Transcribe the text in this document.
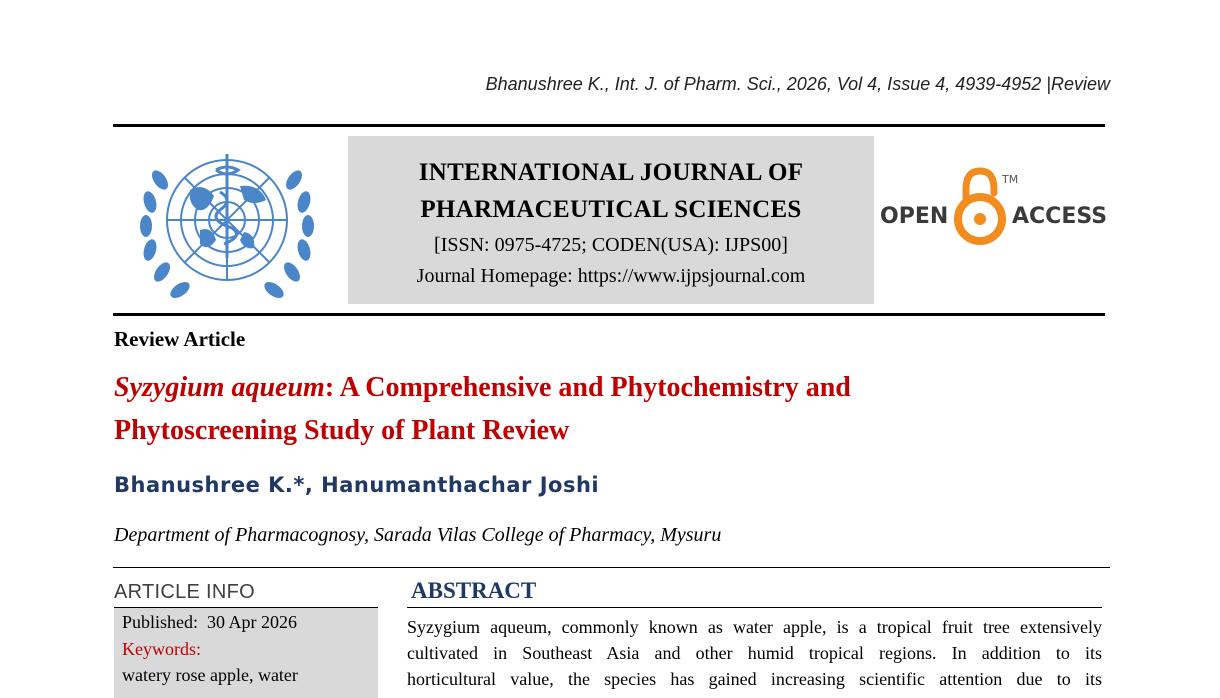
Bhanushree K., Int. J. of Pharm. Sci., 2026, Vol 4, Issue 4, 4939-4952 |Review
INTERNATIONAL JOURNAL OF
PHARMACEUTICAL SCIENCES
[ISSN: 0975-4725; CODEN(USA): IJPS00]
Journal Homepage: https://www.ijpsjournal.com
OPEN
TM
ACCESS
Review Article
Syzygium aqueum: A Comprehensive and Phytochemistry and
Phytoscreening Study of Plant Review
Bhanushree K.*, Hanumanthachar Joshi
Department of Pharmacognosy, Sarada Vilas College of Pharmacy, Mysuru
ARTICLE INFO
Published: 30 Apr 2026
Keywords:
watery rose apple, water
ABSTRACT
Syzygium aqueum, commonly known as water apple, is a tropical fruit tree extensively
cultivated in Southeast Asia and other humid tropical regions. In addition to its
horticultural value, the species has gained increasing scientific attention due to its
